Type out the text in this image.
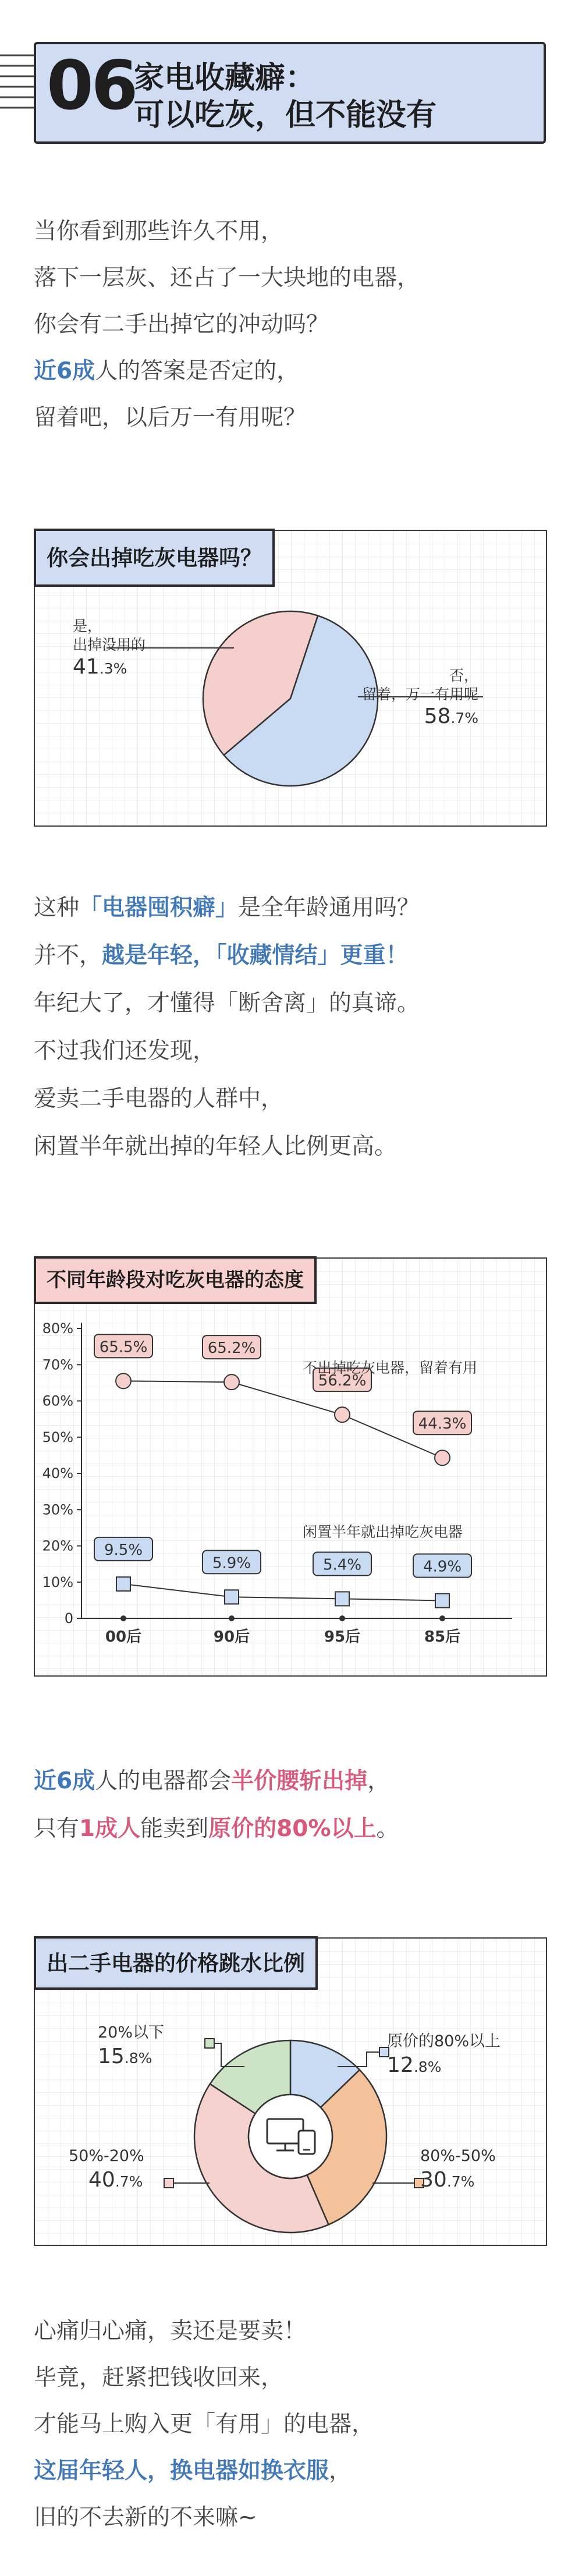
06
家电收藏癖：
可以吃灰，但不能没有
当你看到那些许久不用，
落下一层灰、还占了一大块地的电器，
你会有二手出掉它的冲动吗？
近6成人的答案是否定的，
留着吧，以后万一有用呢？
你会出掉吃灰电器吗？
是，
出掉没用的
41.3%	否，
留着，万一有用呢
58.7%
这种「电器囤积癖」是全年龄通用吗？
并不，越是年轻，「收藏情结」更重！
年纪大了，才懂得「断舍离」的真谛。
不过我们还发现，
爱卖二手电器的人群中，
闲置半年就出掉的年轻人比例更高。
不同年龄段对吃灰电器的态度
0
10%
20%
30%
40%
50%
60%
70%
80%
00后	90后	95后	85后
65.5%	65.2%
56.2%
44.3%
9.5%
5.9%	5.4%	4.9%
不出掉吃灰电器，留着有用
闲置半年就出掉吃灰电器
近6成人的电器都会半价腰斩出掉，
只有1成人能卖到原价的80%以上。
出二手电器的价格跳水比例
原价的80%以上
12.8%
80%-50%
30.7%
50%-20%
40.7%
20%以下
15.8%
心痛归心痛，卖还是要卖！
毕竟，赶紧把钱收回来，
才能马上购入更「有用」的电器，
这届年轻人，换电器如换衣服，
旧的不去新的不来嘛~
